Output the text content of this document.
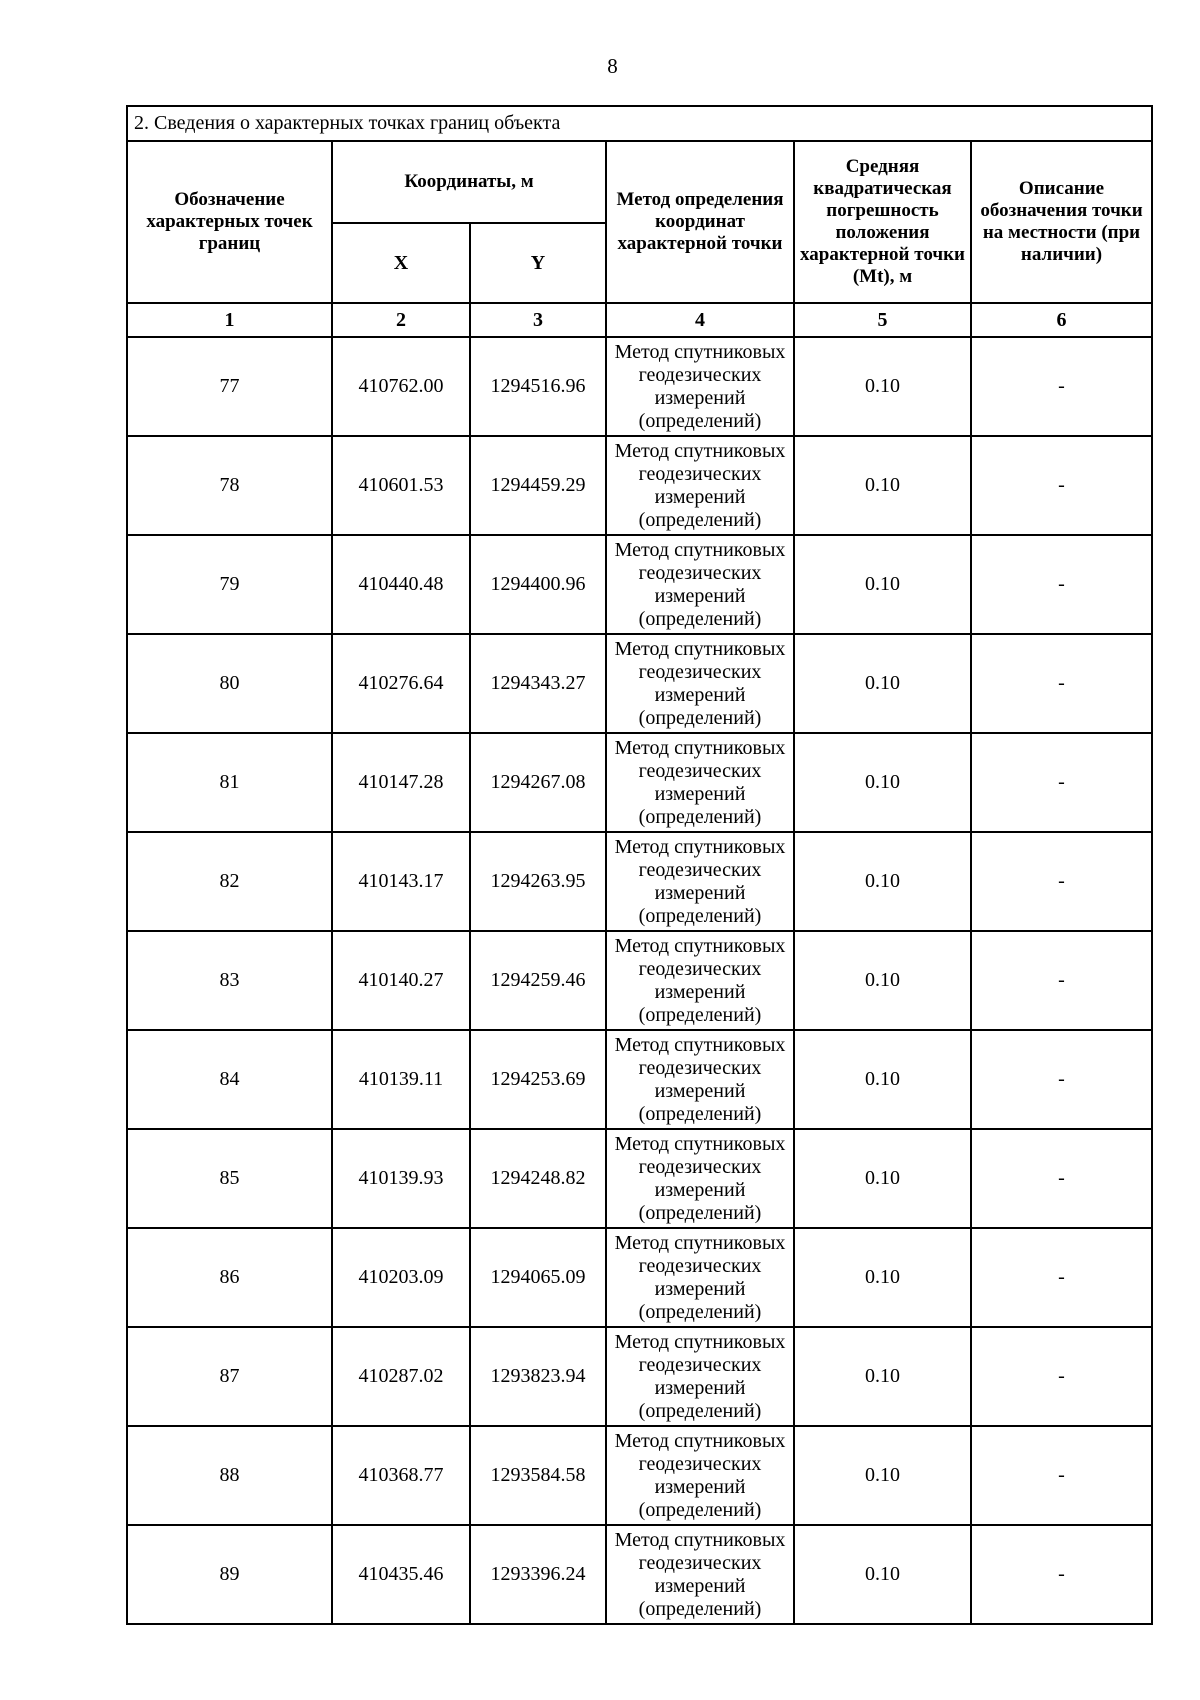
8
2. Сведения о характерных точках границ объекта					
Обозначение характерных точек границ	Координаты, м		Метод определения координат характерной точки	Средняя квадратическая погрешность положения характерной точки (Mt), м	Описание обозначения точки на местности (при наличии)
	X	Y			
1	2	3	4	5	6
77	410762.00	1294516.96	Метод спутниковых
геодезических
измерений
(определений)	0.10	-
78	410601.53	1294459.29	Метод спутниковых
геодезических
измерений
(определений)	0.10	-
79	410440.48	1294400.96	Метод спутниковых
геодезических
измерений
(определений)	0.10	-
80	410276.64	1294343.27	Метод спутниковых
геодезических
измерений
(определений)	0.10	-
81	410147.28	1294267.08	Метод спутниковых
геодезических
измерений
(определений)	0.10	-
82	410143.17	1294263.95	Метод спутниковых
геодезических
измерений
(определений)	0.10	-
83	410140.27	1294259.46	Метод спутниковых
геодезических
измерений
(определений)	0.10	-
84	410139.11	1294253.69	Метод спутниковых
геодезических
измерений
(определений)	0.10	-
85	410139.93	1294248.82	Метод спутниковых
геодезических
измерений
(определений)	0.10	-
86	410203.09	1294065.09	Метод спутниковых
геодезических
измерений
(определений)	0.10	-
87	410287.02	1293823.94	Метод спутниковых
геодезических
измерений
(определений)	0.10	-
88	410368.77	1293584.58	Метод спутниковых
геодезических
измерений
(определений)	0.10	-
89	410435.46	1293396.24	Метод спутниковых
геодезических
измерений
(определений)	0.10	-
